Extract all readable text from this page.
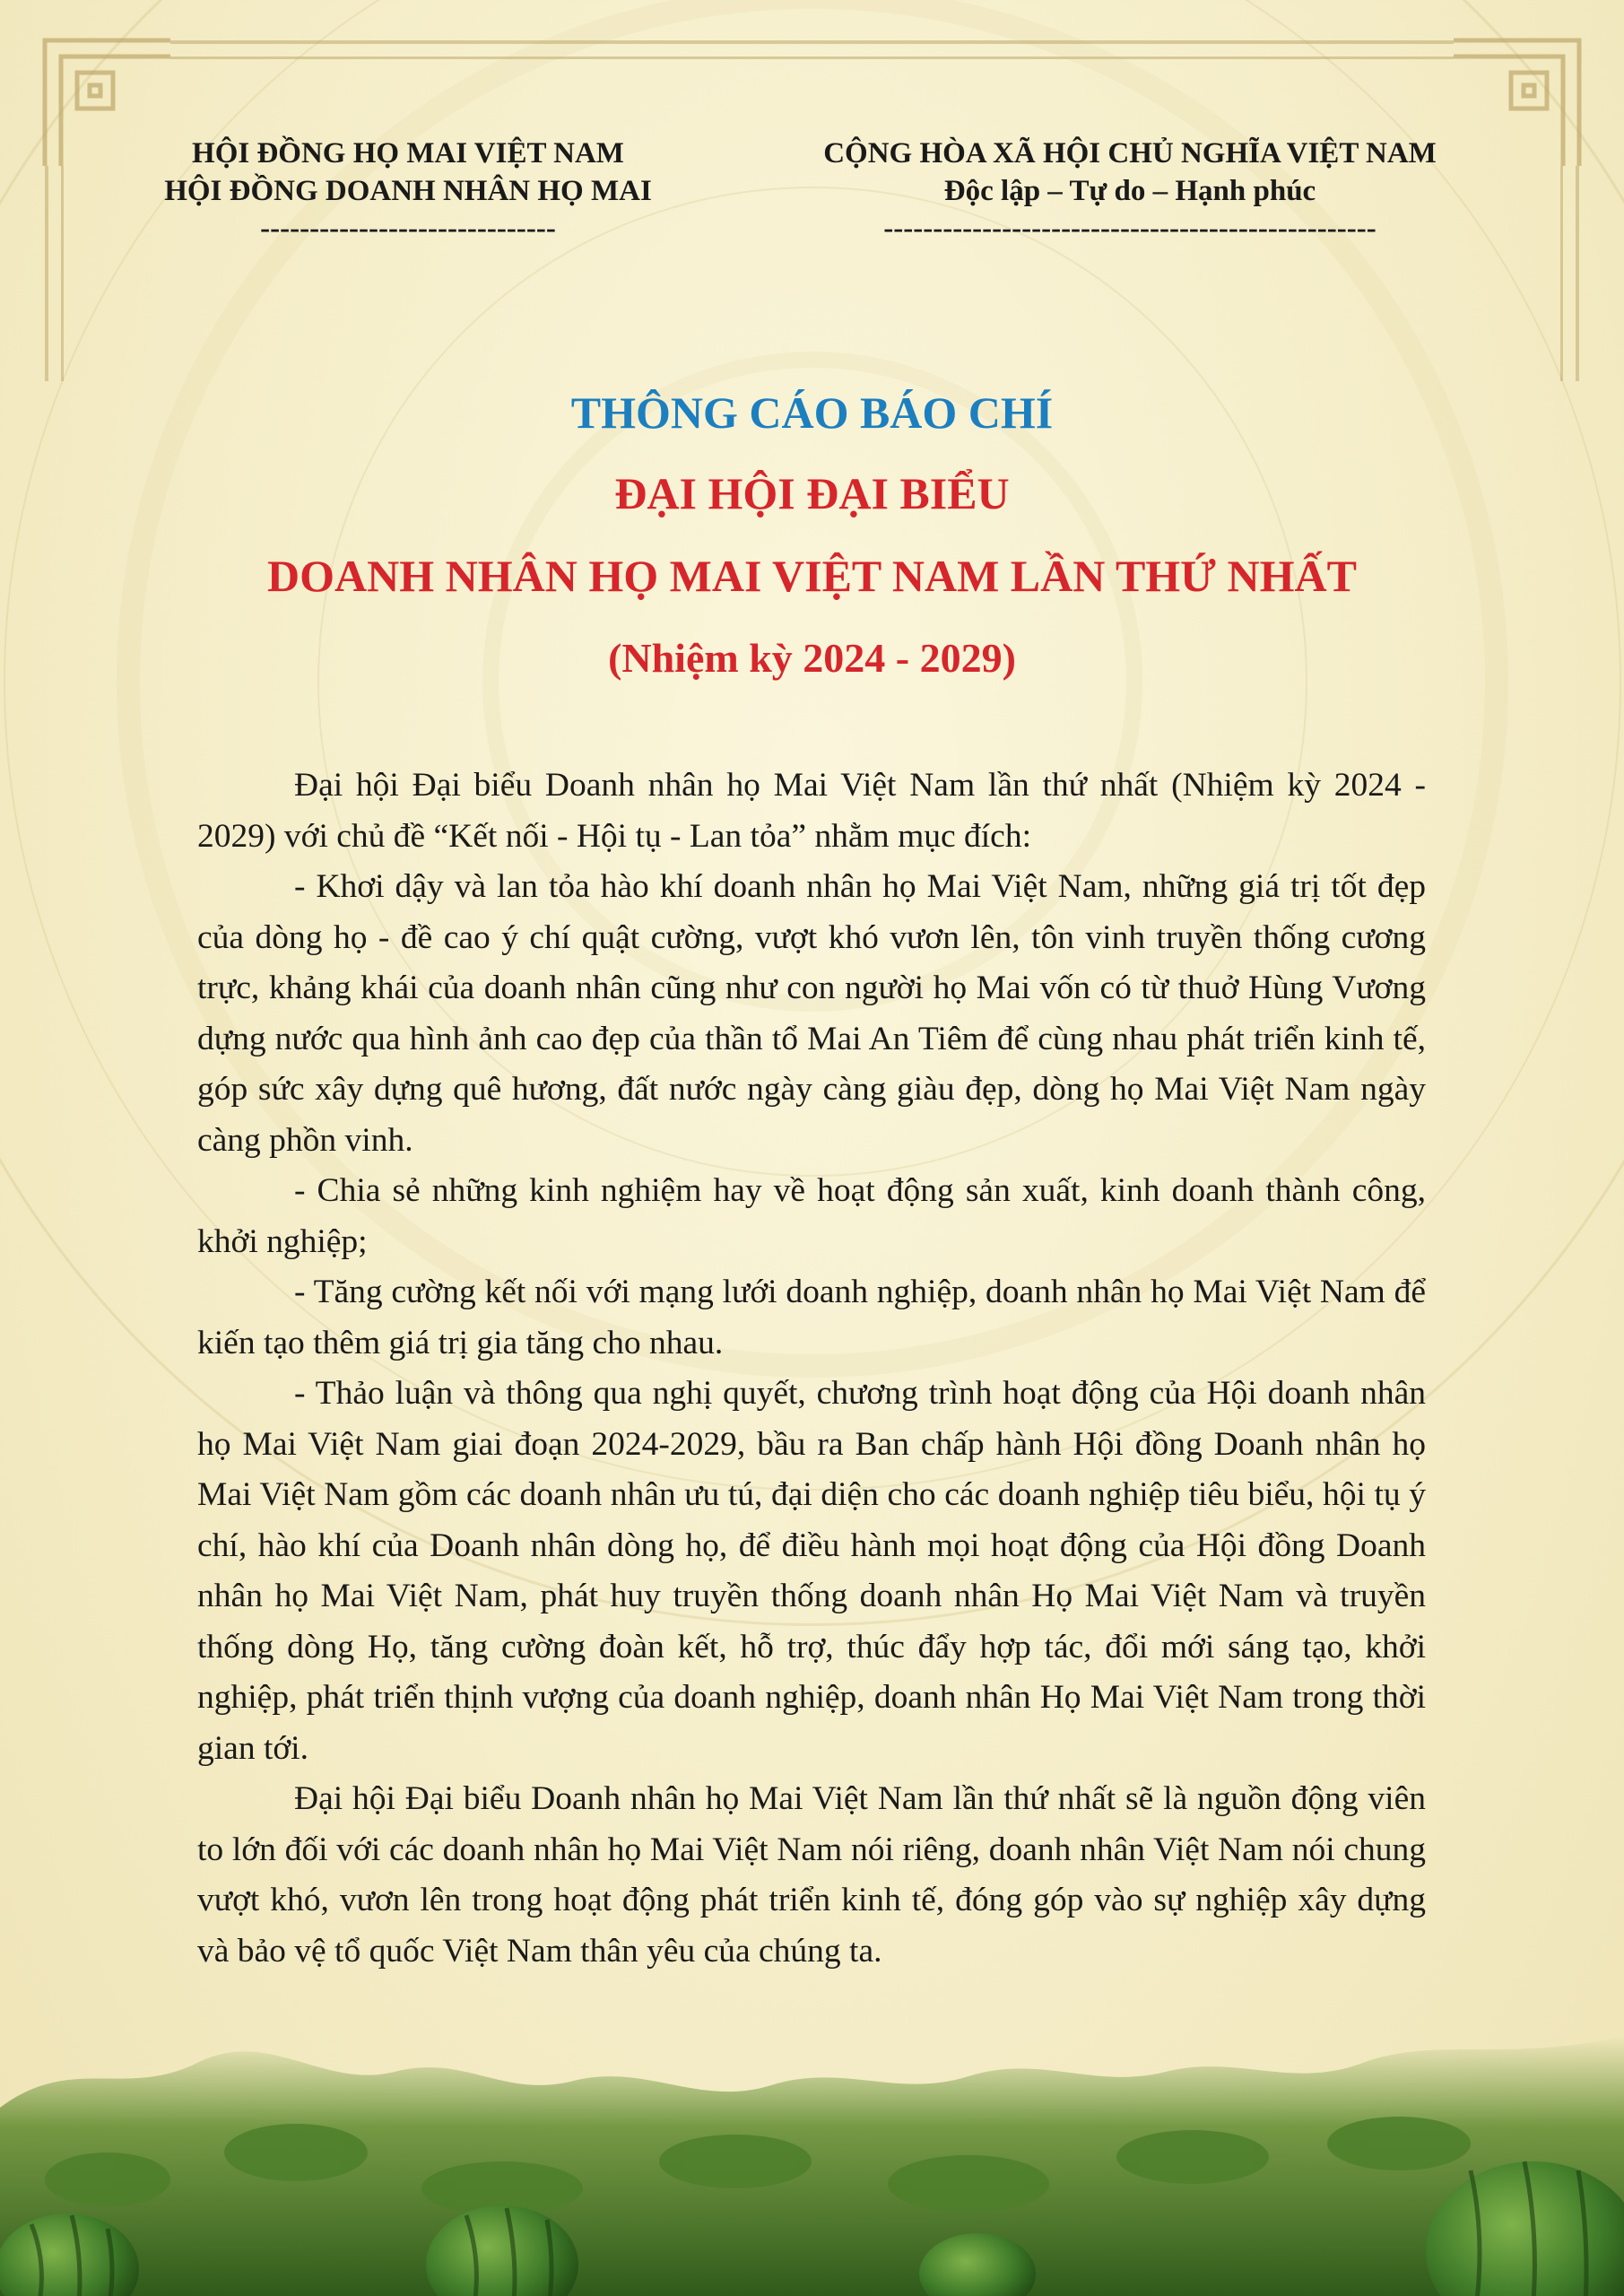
HỘI ĐỒNG HỌ MAI VIỆT NAM
HỘI ĐỒNG DOANH NHÂN HỌ MAI
------------------------------
CỘNG HÒA XÃ HỘI CHỦ NGHĨA VIỆT NAM
Độc lập – Tự do – Hạnh phúc
--------------------------------------------------

THÔNG CÁO BÁO CHÍ

ĐẠI HỘI ĐẠI BIỂU

DOANH NHÂN HỌ MAI VIỆT NAM LẦN THỨ NHẤT

(Nhiệm kỳ 2024 - 2029)

Đại hội Đại biểu Doanh nhân họ Mai Việt Nam lần thứ nhất (Nhiệm kỳ 2024 - 2029) với chủ đề “Kết nối - Hội tụ - Lan tỏa” nhằm mục đích:

- Khơi dậy và lan tỏa hào khí doanh nhân họ Mai Việt Nam, những giá trị tốt đẹp của dòng họ - đề cao ý chí quật cường, vượt khó vươn lên, tôn vinh truyền thống cương trực, khảng khái của doanh nhân cũng như con người họ Mai vốn có từ thuở Hùng Vương dựng nước qua hình ảnh cao đẹp của thần tổ Mai An Tiêm để cùng nhau phát triển kinh tế, góp sức xây dựng quê hương, đất nước ngày càng giàu đẹp, dòng họ Mai Việt Nam ngày càng phồn vinh.

- Chia sẻ những kinh nghiệm hay về hoạt động sản xuất, kinh doanh thành công, khởi nghiệp;

- Tăng cường kết nối với mạng lưới doanh nghiệp, doanh nhân họ Mai Việt Nam để kiến tạo thêm giá trị gia tăng cho nhau.

- Thảo luận và thông qua nghị quyết, chương trình hoạt động của Hội doanh nhân họ Mai Việt Nam giai đoạn 2024-2029, bầu ra Ban chấp hành Hội đồng Doanh nhân họ Mai Việt Nam gồm các doanh nhân ưu tú, đại diện cho các doanh nghiệp tiêu biểu, hội tụ ý chí, hào khí của Doanh nhân dòng họ, để điều hành mọi hoạt động của Hội đồng Doanh nhân họ Mai Việt Nam, phát huy truyền thống doanh nhân Họ Mai Việt Nam và truyền thống dòng Họ, tăng cường đoàn kết, hỗ trợ, thúc đẩy hợp tác, đổi mới sáng tạo, khởi nghiệp, phát triển thịnh vượng của doanh nghiệp, doanh nhân Họ Mai Việt Nam trong thời gian tới.

Đại hội Đại biểu Doanh nhân họ Mai Việt Nam lần thứ nhất sẽ là nguồn động viên to lớn đối với các doanh nhân họ Mai Việt Nam nói riêng, doanh nhân Việt Nam nói chung vượt khó, vươn lên trong hoạt động phát triển kinh tế, đóng góp vào sự nghiệp xây dựng và bảo vệ tổ quốc Việt Nam thân yêu của chúng ta.
